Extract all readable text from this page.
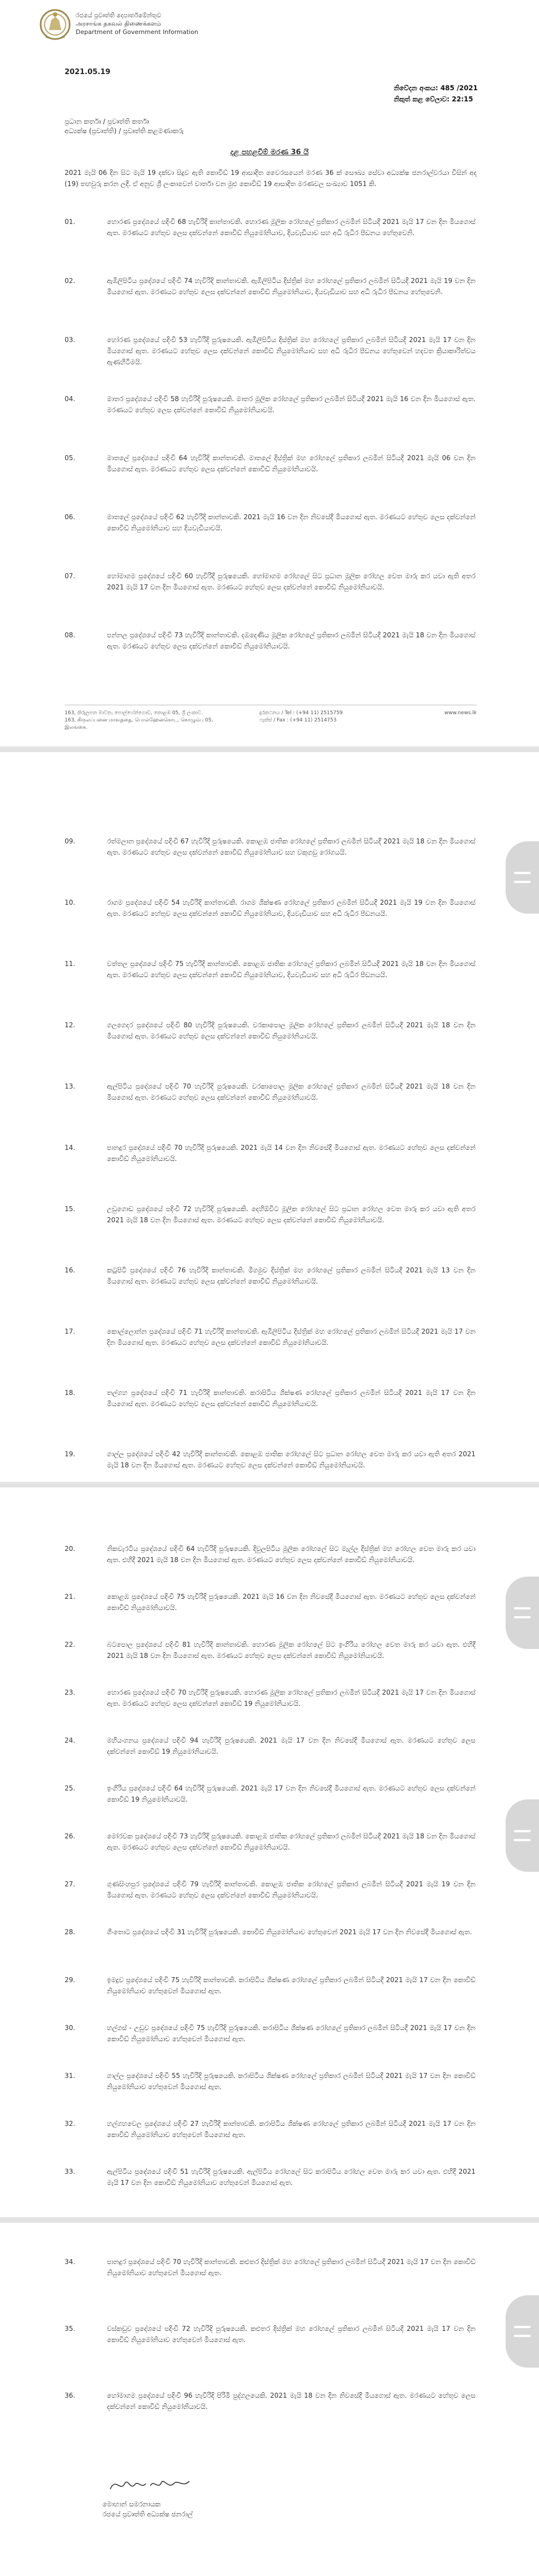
රජයේ ප්‍රවෘත්ති දෙපාර්තමේන්තුව
அரசாங்க தகவல் திணைக்களம்
Department of Government Information
2021.05.19
නිවේදන අංකය: 485 /2021
නිකුත් කළ වේලාව: 22:15
ප්‍රධාන කර්තෘ / ප්‍රවෘත්ති කර්තෘ
අධ්‍යක්ෂ (ප්‍රවෘත්ති) / ප්‍රවෘත්ති කළමණාකරු
දළ පහළවීම් මරණ 36 යි
2021 මැයි 06 දින සිට මැයි 19 දක්වා සිදුව ඇති කොවිඩ් 19 ආසාදිත වෛරසයෙන් මරණ 36 ක් සෞඛ්‍ය සේවා අධ්‍යක්ෂ ජනරාල්වරයා විසින් අද (19) තහවුරු කරන ලදී. ඒ අනුව ශ්‍රී ලංකාවෙන් වාර්තා වන මුළු කොවිඩ් 19 ආසාදිත මරණවල සංඛ්‍යාව 1051 කි.
163, කිරුලපන මාවත, පොල්හේන්ගොඩ, කොළඹ 05, ශ්‍රී ලංකාව.
163, கிருலப்பனை மாவத்தை, பொல்ஹேன்கொட, கொழும்பு 05, இலங்கை.
දුරකථනය / Tel : (+94 11) 2515759
ෆැක්ස් / Fax : (+94 11) 2514753
www.news.lk
01.	හොරණ ප්‍රදේශයේ පදිංචි 68 හැවිරිදි කාන්තාවකි. හොරණ මූලික රෝහලේ ප්‍රතිකාර ලබමින් සිටියදී 2021 මැයි 17 වන දින මියගොස් ඇත. මරණයට හේතුව ලෙස දක්වන්නේ කොවිඩ් නියුමෝනියාව, දියවැඩියාව සහ අධි රුධිර පීඩනය හේතුවෙනි.
02.	ඇඹිලිපිටිය ප්‍රදේශයේ පදිංචි 74 හැවිරිදි කාන්තාවකි. ඇඹිලිපිටිය දිස්ත්‍රික් මහ රෝහලේ ප්‍රතිකාර ලබමින් සිටියදී 2021 මැයි 19 වන දින මියගොස් ඇත. මරණයට හේතුව ලෙස දක්වන්නේ කොවිඩ් නියුමෝනියාව, දියවැඩියාව සහ අධි රුධිර පීඩනය හේතුවෙනි.
03.	හෝරණ ප්‍රදේශයේ පදිංචි 53 හැවිරිදි පුරුෂයෙකි. ඇඹිලිපිටිය දිස්ත්‍රික් මහ රෝහලේ ප්‍රතිකාර ලබමින් සිටියදී 2021 මැයි 17 වන දින මියගොස් ඇත. මරණයට හේතුව ලෙස දක්වන්නේ කොවිඩ් නියුමෝනියාව සහ අධි රුධිර පීඩනය හේතුවෙන් හදවත ක්‍රියාකාරිත්වය ඇණහිටීමයි.
04.	මාතර ප්‍රදේශයේ පදිංචි 58 හැවිරිදි පුරුෂයෙකි. මාතර මූලික රෝහලේ ප්‍රතිකාර ලබමින් සිටියදී 2021 මැයි 16 වන දින මියගොස් ඇත. මරණයට හේතුව ලෙස දක්වන්නේ කොවිඩ් නියුමෝනියාවයි.
05.	මාතලේ ප්‍රදේශයේ පදිංචි 64 හැවිරිදි කාන්තාවකි. මාතලේ දිස්ත්‍රික් මහ රෝහලේ ප්‍රතිකාර ලබමින් සිටියදී 2021 මැයි 06 වන දින මියගොස් ඇත. මරණයට හේතුව ලෙස දක්වන්නේ කොවිඩ් නියුමෝනියාවයි.
06.	මාතලේ ප්‍රදේශයේ පදිංචි 62 හැවිරිදි කාන්තාවකි. 2021 මැයි 16 වන දින නිවසේදී මියගොස් ඇත. මරණයට හේතුව ලෙස දක්වන්නේ කොවිඩ් නියුමෝනියාව සහ දියවැඩියාවයි.
07.	හෝමාගම ප්‍රදේශයේ පදිංචි 60 හැවිරිදි පුරුෂයෙකි. හෝමාගම රෝහලේ සිට ප්‍රධාන මූලික රෝහල වෙත මාරු කර යවා ඇති අතර 2021 මැයි 17 වන දින මියගොස් ඇත. මරණයට හේතුව ලෙස දක්වන්නේ කොවිඩ් නියුමෝනියාවයි.
08.	පන්නල ප්‍රදේශයේ පදිංචි 73 හැවිරිදි කාන්තාවකි. දඹදෙණිය මූලික රෝහලේ ප්‍රතිකාර ලබමින් සිටියදී 2021 මැයි 18 වන දින මියගොස් ඇත. මරණයට හේතුව ලෙස දක්වන්නේ කොවිඩ් නියුමෝනියාවයි.
09.	රත්මලාන ප්‍රදේශයේ පදිංචි 67 හැවිරිදි පුරුෂයෙකි. කොළඹ ජාතික රෝහලේ ප්‍රතිකාර ලබමින් සිටියදී 2021 මැයි 18 වන දින මියගොස් ඇත. මරණයට හේතුව ලෙස දක්වන්නේ කොවිඩ් නියුමෝනියාව සහ වකුගඩු රෝගයයි.
10.	රාගම ප්‍රදේශයේ පදිංචි 54 හැවිරිදි කාන්තාවකි. රාගම ශික්ෂණ රෝහලේ ප්‍රතිකාර ලබමින් සිටියදී 2021 මැයි 19 වන දින මියගොස් ඇත. මරණයට හේතුව ලෙස දක්වන්නේ කොවිඩ් නියුමෝනියාව, දියවැඩියාව සහ අධි රුධිර පීඩනයයි.
11.	වත්තල ප්‍රදේශයේ පදිංචි 75 හැවිරිදි කාන්තාවකි. කොළඹ ජාතික රෝහලේ ප්‍රතිකාර ලබමින් සිටියදී 2021 මැයි 18 වන දින මියගොස් ඇත. මරණයට හේතුව ලෙස දක්වන්නේ කොවිඩ් නියුමෝනියාව, දියවැඩියාව සහ අධි රුධිර පීඩනයයි.
12.	ගලගෙදර ප්‍රදේශයේ පදිංචි 80 හැවිරිදි පුරුෂයෙකි. වරකාපොල මූලික රෝහලේ ප්‍රතිකාර ලබමින් සිටියදී 2021 මැයි 18 වන දින මියගොස් ඇත. මරණයට හේතුව ලෙස දක්වන්නේ කොවිඩ් නියුමෝනියාවයි.
13.	ඇල්පිටිය ප්‍රදේශයේ පදිංචි 70 හැවිරිදි පුරුෂයෙකි. වරකාපොල මූලික රෝහලේ ප්‍රතිකාර ලබමින් සිටියදී 2021 මැයි 18 වන දින මියගොස් ඇත. මරණයට හේතුව ලෙස දක්වන්නේ කොවිඩ් නියුමෝනියාවයි.
14.	පානදුර ප්‍රදේශයේ පදිංචි 70 හැවිරිදි පුරුෂයෙකි. 2021 මැයි 14 වන දින නිවසේදී මියගොස් ඇත. මරණයට හේතුව ලෙස දක්වන්නේ කොවිඩ් නියුමෝනියාවයි.
15.	උඩුගොඩ ප්‍රදේශයේ පදිංචි 72 හැවිරිදි පුරුෂයෙකි. දෙහිඕවිට මූලික රෝහලේ සිට ප්‍රධාන රෝහල වෙත මාරු කර යවා ඇති අතර 2021 මැයි 18 වන දින මියගොස් ඇත. මරණයට හේතුව ලෙස දක්වන්නේ කොවිඩ් නියුමෝනියාවයි.
16.	කටුපිටි ප්‍රදේශයේ පදිංචි 76 හැවිරිදි කාන්තාවකි. මීගමුව දිස්ත්‍රික් මහ රෝහලේ ප්‍රතිකාර ලබමින් සිටියදී 2021 මැයි 13 වන දින මියගොස් ඇත. මරණයට හේතුව ලෙස දක්වන්නේ කොවිඩ් නියුමෝනියාවයි.
17.	කොල්ලොන්න ප්‍රදේශයේ පදිංචි 71 හැවිරිදි කාන්තාවකි. ඇඹිලිපිටිය දිස්ත්‍රික් මහ රෝහලේ ප්‍රතිකාර ලබමින් සිටියදී 2021 මැයි 17 වන දින මියගොස් ඇත. මරණයට හේතුව ලෙස දක්වන්නේ කොවිඩ් නියුමෝනියාවයි.
18.	තල්ගහ ප්‍රදේශයේ පදිංචි 71 හැවිරිදි කාන්තාවකි. කරාපිටිය ශික්ෂණ රෝහලේ ප්‍රතිකාර ලබමින් සිටියදී 2021 මැයි 17 වන දින මියගොස් ඇත. මරණයට හේතුව ලෙස දක්වන්නේ කොවිඩ් නියුමෝනියාවයි.
19.	ගාල්ල ප්‍රදේශයේ පදිංචි 42 හැවිරිදි කාන්තාවකි. කොළඹ ජාතික රෝහලේ සිට ප්‍රධාන රෝහල වෙත මාරු කර යවා ඇති අතර 2021 මැයි 18 වන දින මියගොස් ඇත. මරණයට හේතුව ලෙස දක්වන්නේ කොවිඩ් නියුමෝනියාවයි.
20.	නිකවැරටිය ප්‍රදේශයේ පදිංචි 64 හැවිරිදි පුරුෂයෙකි. දිවුලපිටිය මූලික රෝහලේ සිට මැල්ල දිස්ත්‍රික් මහ රෝහල වෙත මාරු කර යවා ඇත. එහිදී 2021 මැයි 18 වන දින මියගොස් ඇත. මරණයට හේතුව ලෙස දක්වන්නේ කොවිඩ් නියුමෝනියාවයි.
21.	කොළඹ ප්‍රදේශයේ පදිංචි 75 හැවිරිදි පුරුෂයෙකි. 2021 මැයි 16 වන දින නිවසේදී මියගොස් ඇත. මරණයට හේතුව ලෙස දක්වන්නේ කොවිඩ් නියුමෝනියාවයි.
22.	බටපොල ප්‍රදේශයේ පදිංචි 81 හැවිරිදි කාන්තාවකි. හොරණ මූලික රෝහලේ සිට ඉංගිරිය රෝහල වෙත මාරු කර යවා ඇත. එහිදී 2021 මැයි 18 වන දින මියගොස් ඇත. මරණයට හේතුව ලෙස දක්වන්නේ කොවිඩ් නියුමෝනියාවයි.
23.	හොරණ ප්‍රදේශයේ පදිංචි 70 හැවිරිදි පුරුෂයෙකි. හොරණ මූලික රෝහලේ ප්‍රතිකාර ලබමින් සිටියදී 2021 මැයි 17 වන දින මියගොස් ඇත. මරණයට හේතුව ලෙස දක්වන්නේ කොවිඩ් 19 නියුමෝනියාවයි.
24.	මහියංගනය ප්‍රදේශයේ පදිංචි 94 හැවිරිදි පුරුෂයෙකි. 2021 මැයි 17 වන දින නිවසේදී මියගොස් ඇත. මරණයට හේතුව ලෙස දක්වන්නේ කොවිඩ් 19 නියුමෝනියාවයි.
25.	ඉංගිරිය ප්‍රදේශයේ පදිංචි 64 හැවිරිදි පුරුෂයෙකි. 2021 මැයි 17 වන දින නිවසේදී මියගොස් ඇත. මරණයට හේතුව ලෙස දක්වන්නේ කොවිඩ් 19 නියුමෝනියාවයි.
26.	මෝරවක ප්‍රදේශයේ පදිංචි 73 හැවිරිදි පුරුෂයෙකි. කොළඹ ජාතික රෝහලේ ප්‍රතිකාර ලබමින් සිටියදී 2021 මැයි 18 වන දින මියගොස් ඇත. මරණයට හේතුව ලෙස දක්වන්නේ කොවිඩ් නියුමෝනියාවයි.
27.	ගුණසිංහපුර ප්‍රදේශයේ පදිංචි 79 හැවිරිදි කාන්තාවකි. කොළඹ ජාතික රෝහලේ ප්‍රතිකාර ලබමින් සිටියදී 2021 මැයි 19 වන දින මියගොස් ඇත. මරණයට හේතුව ලෙස දක්වන්නේ කොවිඩ් නියුමෝනියාවයි.
28.	ගිංතොට ප්‍රදේශයේ පදිංචි 31 හැවිරිදි පුරුෂයෙකි. කොවිඩ් නියුමෝනියාව හේතුවෙන් 2021 මැයි 17 වන දින නිවසේදී මියගොස් ඇත.
29.	ඉමදුව ප්‍රදේශයේ පදිංචි 75 හැවිරිදි කාන්තාවකි. කරාපිටිය ශික්ෂණ රෝහලේ ප්‍රතිකාර ලබමින් සිටියදී 2021 මැයි 17 වන දින කොවිඩ් නියුමෝනියාව හේතුවෙන් මියගොස් ඇත.
30.	හල්ගස් - උඩුව ප්‍රදේශයේ පදිංචි 75 හැවිරිදි පුරුෂයෙකි. කරාපිටිය ශික්ෂණ රෝහලේ ප්‍රතිකාර ලබමින් සිටියදී 2021 මැයි 17 වන දින කොවිඩ් නියුමෝනියාව හේතුවෙන් මියගොස් ඇත.
31.	ගාල්ල ප්‍රදේශයේ පදිංචි 55 හැවිරිදි පුරුෂයෙකි. කරාපිටිය ශික්ෂණ රෝහලේ ප්‍රතිකාර ලබමින් සිටියදී 2021 මැයි 17 වන දින කොවිඩ් නියුමෝනියාව හේතුවෙන් මියගොස් ඇත.
32.	හල්ගහවෙල ප්‍රදේශයේ පදිංචි 27 හැවිරිදි කාන්තාවකි. කරාපිටිය ශික්ෂණ රෝහලේ ප්‍රතිකාර ලබමින් සිටියදී 2021 මැයි 17 වන දින කොවිඩ් නියුමෝනියාව හේතුවෙන් මියගොස් ඇත.
33.	ඇල්පිටිය ප්‍රදේශයේ පදිංචි 51 හැවිරිදි පුරුෂයෙකි. ඇල්පිටිය රෝහලේ සිට කරාපිටිය රෝහල වෙත මාරු කර යවා ඇත. එහිදී 2021 මැයි 17 වන දින කොවිඩ් නියුමෝනියාව හේතුවෙන් මියගොස් ඇත.
මොහාන් සමරනායක
රජයේ ප්‍රවෘත්ති අධ්‍යක්ෂ ජනරාල්
34.	පානදුර ප්‍රදේශයේ පදිංචි 70 හැවිරිදි කාන්තාවකි. කළුතර දිස්ත්‍රික් මහ රෝහලේ ප්‍රතිකාර ලබමින් සිටියදී 2021 මැයි 17 වන දින කොවිඩ් නියුමෝනියාව හේතුවෙන් මියගොස් ඇත.
35.	වස්කඩුව ප්‍රදේශයේ පදිංචි 72 හැවිරිදි පුරුෂයෙකි. කළුතර දිස්ත්‍රික් මහ රෝහලේ ප්‍රතිකාර ලබමින් සිටියදී 2021 මැයි 17 වන දින කොවිඩ් නියුමෝනියාව හේතුවෙන් මියගොස් ඇත.
36.	හෝමාගම ප්‍රදේශයේ පදිංචි 96 හැවිරිදි පිරිමි පුද්ගලයෙකි. 2021 මැයි 18 වන දින නිවසේදී මියගොස් ඇත. මරණයට හේතුව ලෙස දක්වන්නේ කොවිඩ් නියුමෝනියාවයි.
